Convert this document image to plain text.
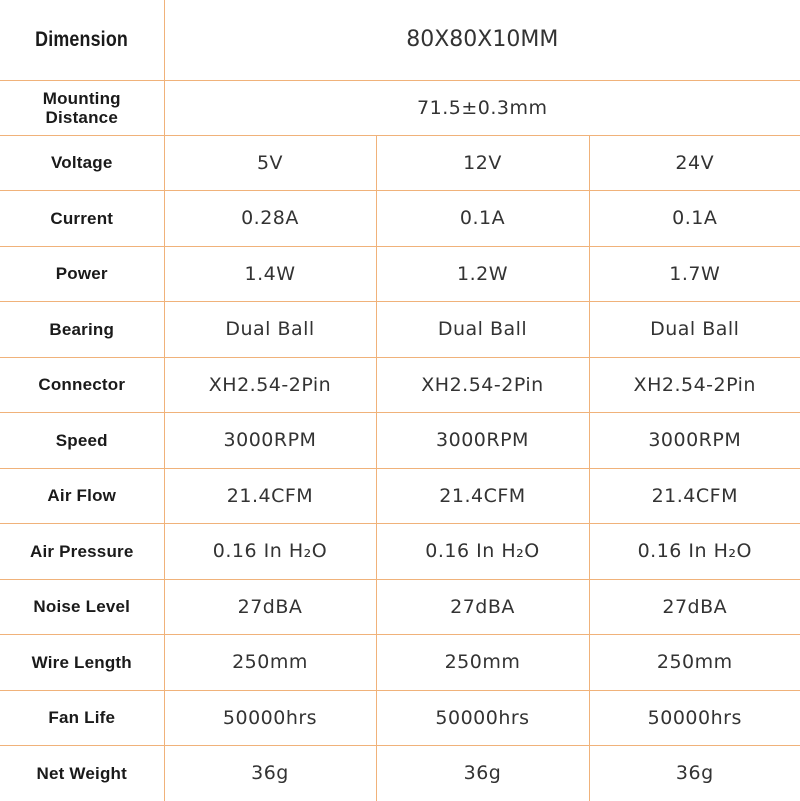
Dimension	80X80X10MM		
Mounting
Distance	71.5±0.3mm		
Voltage	5V	12V	24V
Current	0.28A	0.1A	0.1A
Power	1.4W	1.2W	1.7W
Bearing	Dual Ball	Dual Ball	Dual Ball
Connector	XH2.54-2Pin	XH2.54-2Pin	XH2.54-2Pin
Speed	3000RPM	3000RPM	3000RPM
Air Flow	21.4CFM	21.4CFM	21.4CFM
Air Pressure	0.16 In H₂O	0.16 In H₂O	0.16 In H₂O
Noise Level	27dBA	27dBA	27dBA
Wire Length	250mm	250mm	250mm
Fan Life	50000hrs	50000hrs	50000hrs
Net Weight	36g	36g	36g
